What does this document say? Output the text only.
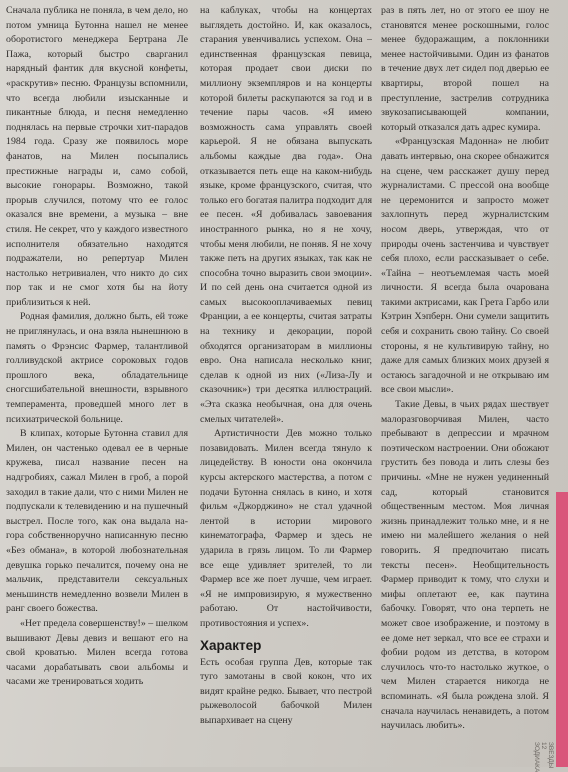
Сначала публика не поняла, в чем дело, но потом умница Бутонна нашел не менее оборотистого менеджера Бертрана Ле Пажа, который быстро сварганил нарядный фантик для вкусной конфеты, «раскрутив» песню. Французы вспомнили, что всегда любили изысканные и пикантные блюда, и песня немедленно поднялась на первые строчки хит-парадов 1984 года. Сразу же появилось море фанатов, на Милен посыпались престижные награды и, само собой, высокие гонорары. Возможно, такой прорыв случился, потому что ее голос оказался вне времени, а музыка – вне стиля. Не секрет, что у каждого известного исполнителя обязательно находятся подражатели, но репертуар Милен настолько нетривиален, что никто до сих пор так и не смог хотя бы на йоту приблизиться к ней.

Родная фамилия, должно быть, ей тоже не приглянулась, и она взяла нынешнюю в память о Фрэнсис Фармер, талантливой голливудской актрисе сороковых годов прошлого века, обладательнице сногсшибательной внешности, взрывного темперамента, проведшей много лет в психиатрической больнице.

В клипах, которые Бутонна ставил для Милен, он частенько одевал ее в черные кружева, писал название песен на надгробиях, сажал Милен в гроб, а порой заходил в такие дали, что с ними Милен не подпускали к телевидению и на пушечный выстрел. После того, как она выдала на-гора собственноручно написанную песню «Без обмана», в которой любознательная девушка горько печалится, почему она не мальчик, представители сексуальных меньшинств немедленно возвели Милен в ранг своего божества.

«Нет предела совершенству!» – шелком вышивают Девы девиз и вешают его на свой кроватью. Милен всегда готова часами дорабатывать свои альбомы и часами же тренироваться ходить

на каблуках, чтобы на концертах выглядеть достойно. И, как оказалось, старания увенчивались успехом. Она – единственная французская певица, которая продает свои диски по миллиону экземпляров и на концерты которой билеты раскупаются за год и в течение пары часов. «Я имею возможность сама управлять своей карьерой. Я не обязана выпускать альбомы каждые два года». Она отказывается петь еще на каком-нибудь языке, кроме французского, считая, что только его богатая палитра подходит для ее песен. «Я добивалась завоевания иностранного рынка, но я не хочу, чтобы меня любили, не поняв. Я не хочу также петь на других языках, так как не способна точно выразить свои эмоции». И по сей день она считается одной из самых высокооплачиваемых певиц Франции, а ее концерты, считая затраты на технику и декорации, порой обходятся организаторам в миллионы евро. Она написала несколько книг, сделав к одной из них («Лиза-Лу и сказочник») три десятка иллюстраций. «Эта сказка необычная, она для очень смелых читателей».

Артистичности Дев можно только позавидовать. Милен всегда тянуло к лицедейству. В юности она окончила курсы актерского мастерства, а потом с подачи Бутонна снялась в кино, и хотя фильм «Джорджино» не стал удачной лентой в истории мирового кинематографа, Фармер и здесь не ударила в грязь лицом. То ли Фармер все еще удивляет зрителей, то ли Фармер все же поет лучше, чем играет. «Я не импровизирую, я мужественно работаю. От настойчивости, противостояния и успех».

Характер

Есть особая группа Дев, которые так туго замотаны в свой кокон, что их видят крайне редко. Бывает, что пестрой рыжеволосой бабочкой Милен выпархивает на сцену

раз в пять лет, но от этого ее шоу не становятся менее роскошными, голос менее будоражащим, а поклонники менее настойчивыми. Один из фанатов в течение двух лет сидел под дверью ее квартиры, второй пошел на преступление, застрелив сотрудника звукозаписывающей компании, который отказался дать адрес кумира.

«Французская Мадонна» не любит давать интервью, она скорее обнажится на сцене, чем расскажет душу перед журналистами. С прессой она вообще не церемонится и запросто может захлопнуть перед журналистским носом дверь, утверждая, что от природы очень застенчива и чувствует себя плохо, если рассказывает о себе. «Тайна – неотъемлемая часть моей личности. Я всегда была очарована такими актрисами, как Грета Гарбо или Кэтрин Хэпберн. Они сумели защитить себя и сохранить свою тайну. Со своей стороны, я не культивирую тайну, но даже для самых близких моих друзей я остаюсь загадочной и не открываю им все свои мысли».

Такие Девы, в чьих рядах шествует малоразговорчивая Милен, часто пребывают в депрессии и мрачном поэтическом настроении. Они обожают грустить без повода и лить слезы без причины. «Мне не нужен уединенный сад, который становится общественным местом. Моя личная жизнь принадлежит только мне, и я не имею ни малейшего желания о ней говорить. Я предпочитаю писать тексты песен». Необщительность Фармер приводит к тому, что слухи и мифы оплетают ее, как паутина бабочку. Говорят, что она терпеть не может свое изображение, и поэтому в ее доме нет зеркал, что все ее страхи и фобии родом из детства, в котором случилось что-то настолько жуткое, о чем Милен старается никогда не вспоминать. «Я была рождена злой. Я сначала научилась ненавидеть, а потом научилась любить».

ЗВЕЗДЫ 12 ЗОДИАКА
